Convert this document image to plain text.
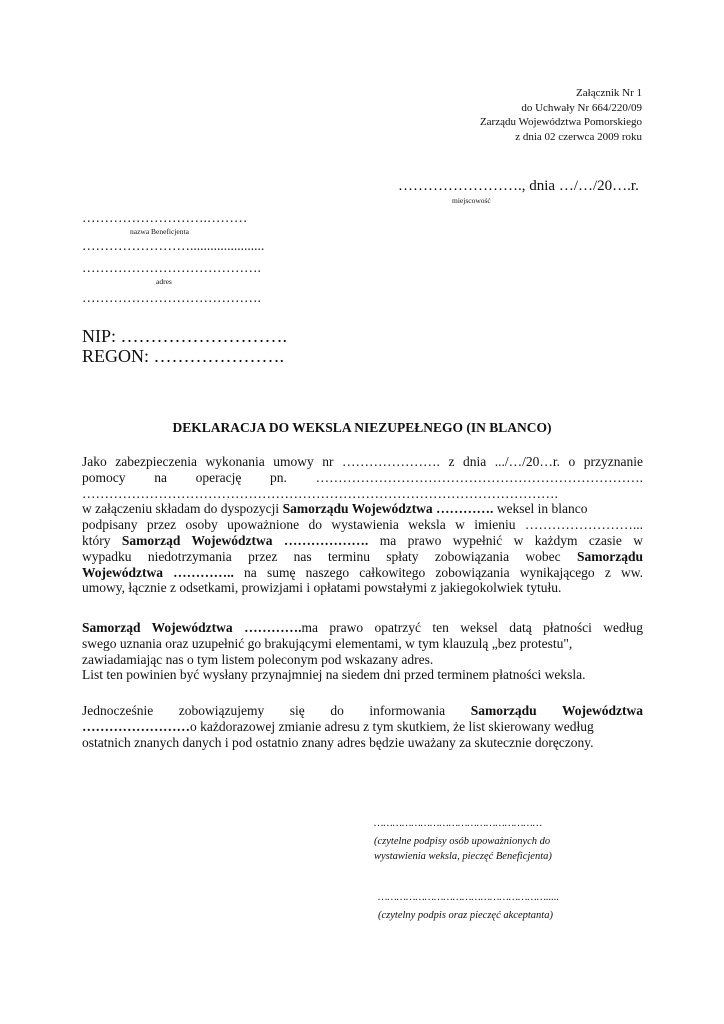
Załącznik Nr 1
do Uchwały Nr 664/220/09
Zarządu Województwa Pomorskiego
z dnia 02 czerwca 2009 roku
……………………., dnia …/…/20….r.
miejscowość
……………………….………
nazwa Beneficjenta
……………………......................
………………………………….
adres
………………………………….
NIP: ……………………….
REGON: ………………….
DEKLARACJA DO WEKSLA NIEZUPEŁNEGO (IN BLANCO)
Jako zabezpieczenia wykonania umowy nr …………………. z dnia .../…/20…r. o przyznanie
pomocy na operację pn. ……………………………………………………………….
…………………………………………………………………………………………….
w załączeniu składam do dyspozycji Samorządu Województwa …………. weksel in blanco
podpisany przez osoby upoważnione do wystawienia weksla w imieniu ……………………...
który Samorząd Województwa ………………. ma prawo wypełnić w każdym czasie w
wypadku niedotrzymania przez nas terminu spłaty zobowiązania wobec Samorządu
Województwa ………….. na sumę naszego całkowitego zobowiązania wynikającego z ww.
umowy, łącznie z odsetkami, prowizjami i opłatami powstałymi z jakiegokolwiek tytułu.
Samorząd Województwa ………….ma prawo opatrzyć ten weksel datą płatności według
swego uznania oraz uzupełnić go brakującymi elementami, w tym klauzulą „bez protestu",
zawiadamiając nas o tym listem poleconym pod wskazany adres.
List ten powinien być wysłany przynajmniej na siedem dni przed terminem płatności weksla.
Jednocześnie zobowiązujemy się do informowania Samorządu Województwa
……………………o każdorazowej zmianie adresu z tym skutkiem, że list skierowany według
ostatnich znanych danych i pod ostatnio znany adres będzie uważany za skutecznie doręczony.
………………………………………………
(czytelne podpisy osób upoważnionych do
wystawienia weksla, pieczęć Beneficjenta)
……………………………………………….....
(czytelny podpis oraz pieczęć akceptanta)
